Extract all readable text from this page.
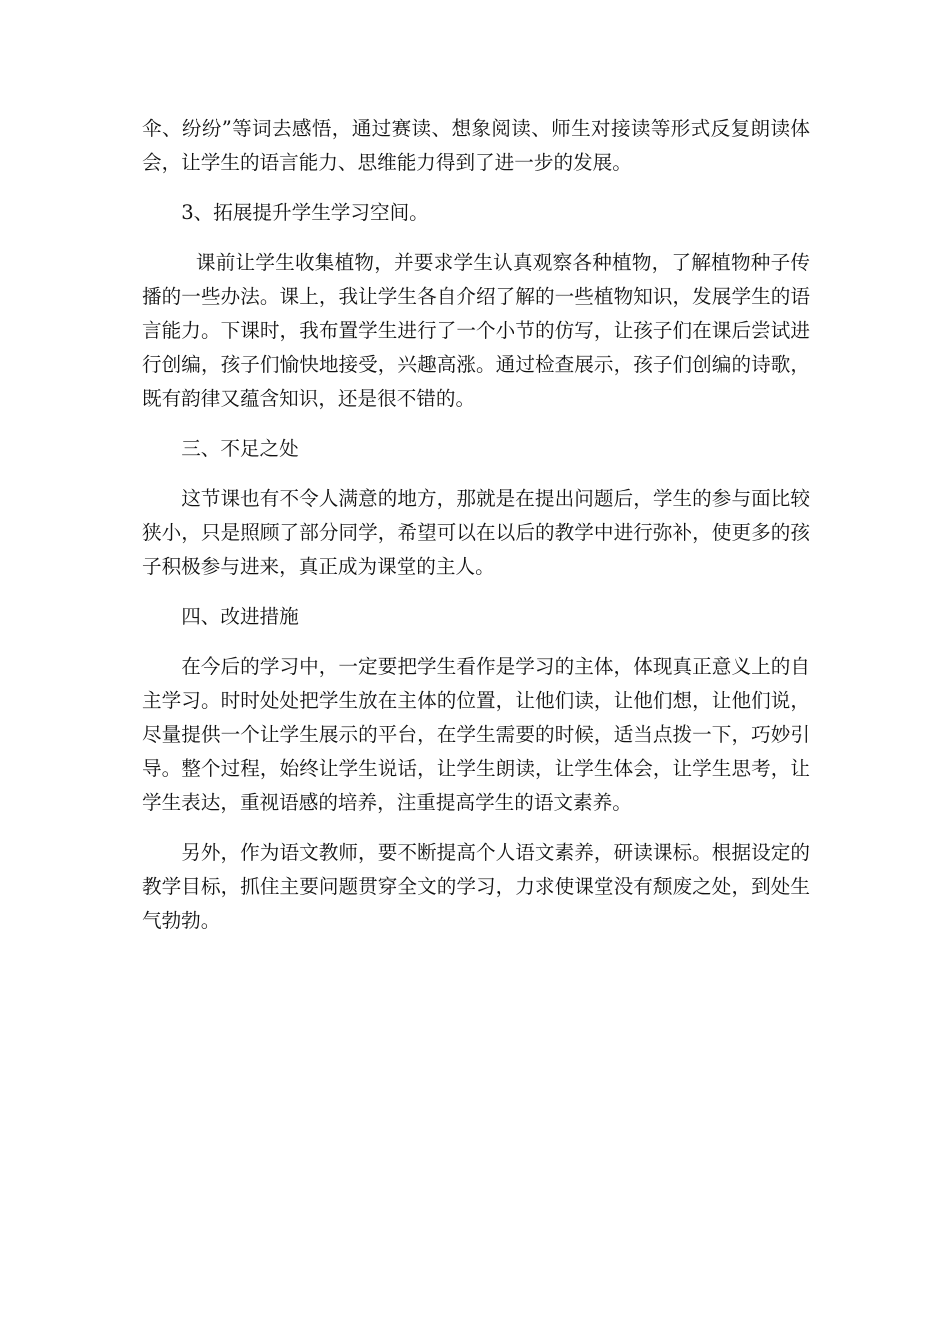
伞、纷纷”等词去感悟，通过赛读、想象阅读、师生对接读等形式反复朗读体会，让学生的语言能力、思维能力得到了进一步的发展。

3、拓展提升学生学习空间。

课前让学生收集植物，并要求学生认真观察各种植物，了解植物种子传播的一些办法。课上，我让学生各自介绍了解的一些植物知识，发展学生的语言能力。下课时，我布置学生进行了一个小节的仿写，让孩子们在课后尝试进行创编，孩子们愉快地接受，兴趣高涨。通过检查展示，孩子们创编的诗歌，既有韵律又蕴含知识，还是很不错的。

三、不足之处

这节课也有不令人满意的地方，那就是在提出问题后，学生的参与面比较狭小，只是照顾了部分同学，希望可以在以后的教学中进行弥补，使更多的孩子积极参与进来，真正成为课堂的主人。

四、改进措施

在今后的学习中，一定要把学生看作是学习的主体，体现真正意义上的自主学习。时时处处把学生放在主体的位置，让他们读，让他们想，让他们说，尽量提供一个让学生展示的平台，在学生需要的时候，适当点拨一下，巧妙引导。整个过程，始终让学生说话，让学生朗读，让学生体会，让学生思考，让学生表达，重视语感的培养，注重提高学生的语文素养。

另外，作为语文教师，要不断提高个人语文素养，研读课标。根据设定的教学目标，抓住主要问题贯穿全文的学习，力求使课堂没有颓废之处，到处生气勃勃。
